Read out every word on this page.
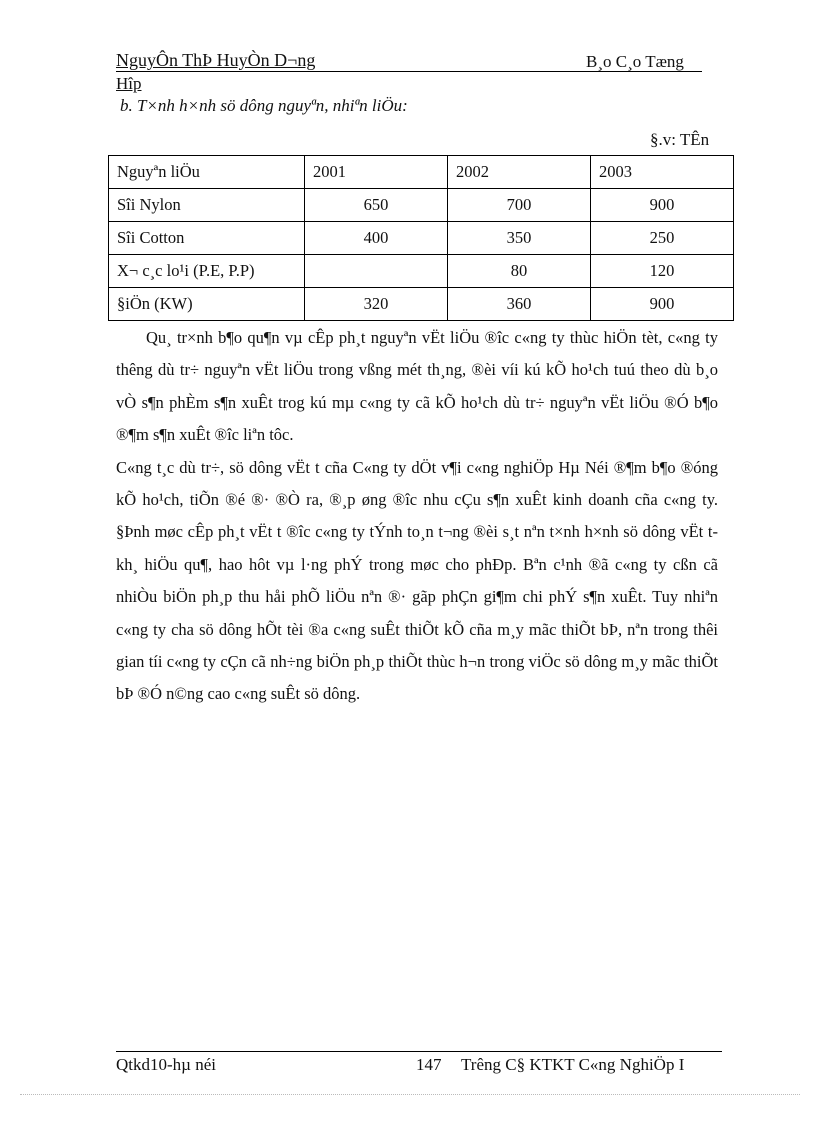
NguyÔn ThÞ HuyÒn D¬ng	B¸o C¸o Tæng
Hîp
b. T×nh h×nh sö dông nguyªn, nhiªn liÖu:
§.v: TÊn
Nguyªn liÖu	2001	2002	2003
Sîi Nylon	650	700	900
Sîi Cotton	400	350	250
X¬ c¸c lo¹i (P.E, P.P)		80	120
§iÖn (KW)	320	360	900

Qu¸ tr×nh b¶o qu¶n vµ cÊp ph¸t nguyªn vËt liÖu ®îc c«ng ty thùc hiÖn tèt, c«ng ty thêng dù tr÷ nguyªn vËt liÖu trong vßng mét th¸ng, ®èi víi kú kÕ ho¹ch tuú theo dù b¸o vÒ s¶n phÈm s¶n xuÊt trog kú mµ c«ng ty cã kÕ ho¹ch dù tr÷ nguyªn vËt liÖu ®Ó b¶o ®¶m s¶n xuÊt ®îc liªn tôc.

C«ng t¸c dù tr÷, sö dông vËt t cña C«ng ty dÖt v¶i c«ng nghiÖp Hµ Néi ®¶m b¶o ®óng kÕ ho¹ch, tiÕn ®é ®· ®Ò ra, ®¸p øng ®îc nhu cÇu s¶n xuÊt kinh doanh cña c«ng ty. §Þnh møc cÊp ph¸t vËt t ®îc c«ng ty tÝnh to¸n t¬ng ®èi s¸t nªn t×nh h×nh sö dông vËt t kh¸ hiÖu qu¶, hao hôt vµ l·ng phÝ trong møc cho phÐp. Bªn c¹nh ®ã c«ng ty cßn cã nhiÒu biÖn ph¸p thu håi phÕ liÖu nªn ®· gãp phÇn gi¶m chi phÝ s¶n xuÊt. Tuy nhiªn c«ng ty cha sö dông hÕt tèi ®a c«ng suÊt thiÕt kÕ cña m¸y mãc thiÕt bÞ, nªn trong thêi gian tíi c«ng ty cÇn cã nh÷ng biÖn ph¸p thiÕt thùc h¬n trong viÖc sö dông m¸y mãc thiÕt bÞ ®Ó n©ng cao c«ng suÊt sö dông.

Qtkd10-hµ néi	147 Trêng C§ KTKT C«ng NghiÖp I
